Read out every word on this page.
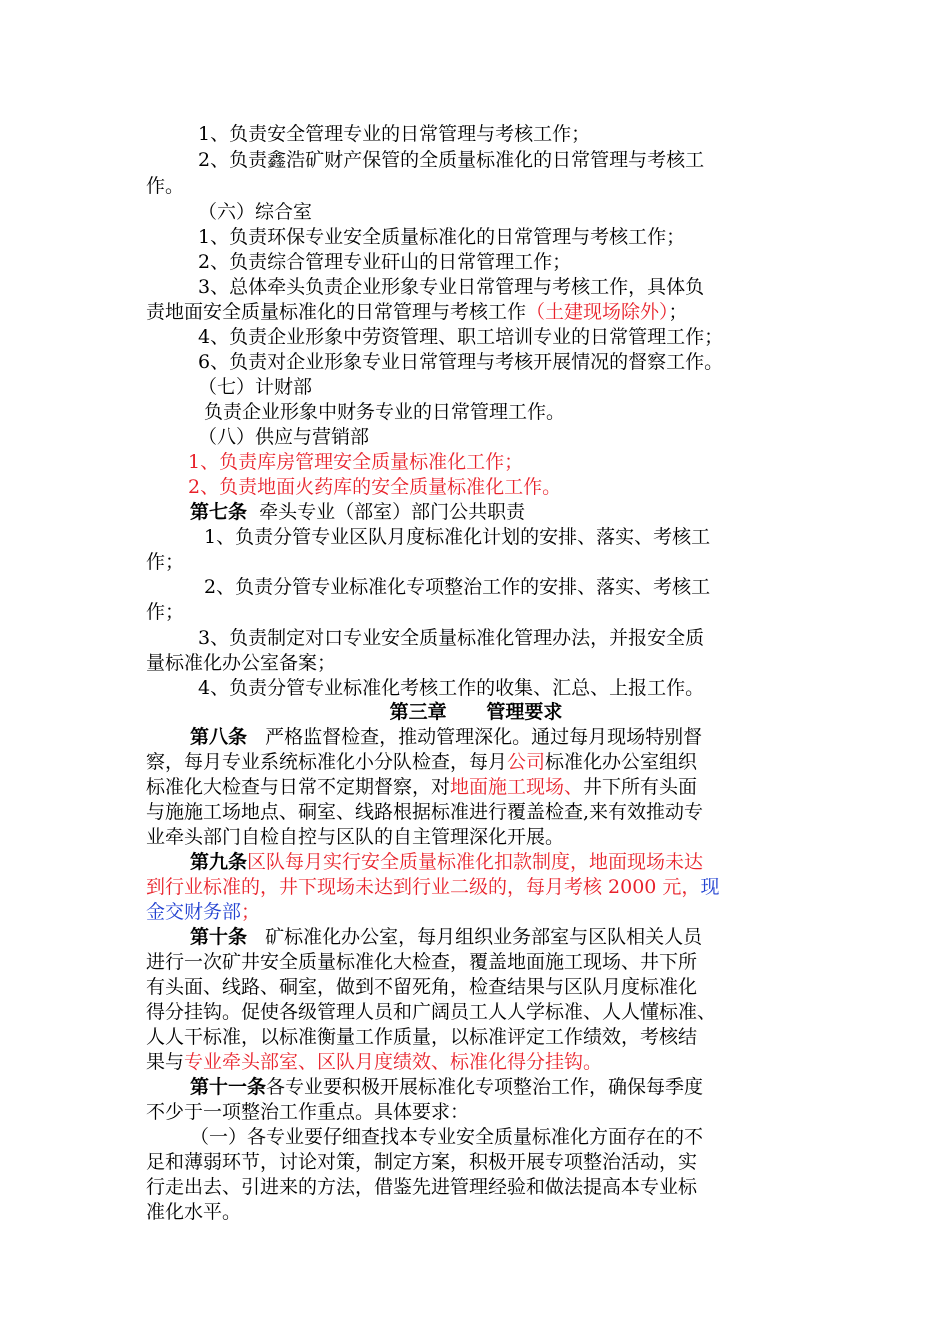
1、负责安全管理专业的日常管理与考核工作；
2、负责鑫浩矿财产保管的全质量标准化的日常管理与考核工
作。
（六）综合室
1、负责环保专业安全质量标准化的日常管理与考核工作；
2、负责综合管理专业矸山的日常管理工作；
3、总体牵头负责企业形象专业日常管理与考核工作，具体负
责地面安全质量标准化的日常管理与考核工作（土建现场除外）；
4、负责企业形象中劳资管理、职工培训专业的日常管理工作；
6、负责对企业形象专业日常管理与考核开展情况的督察工作。
（七）计财部
负责企业形象中财务专业的日常管理工作。
（八）供应与营销部
1、负责库房管理安全质量标准化工作；
2、负责地面火药库的安全质量标准化工作。
第七条 牵头专业（部室）部门公共职责
1、负责分管专业区队月度标准化计划的安排、落实、考核工
作；
2、负责分管专业标准化专项整治工作的安排、落实、考核工
作；
3、负责制定对口专业安全质量标准化管理办法，并报安全质
量标准化办公室备案；
4、负责分管专业标准化考核工作的收集、汇总、上报工作。
第三章      管理要求
第八条 严格监督检查，推动管理深化。通过每月现场特别督
察，每月专业系统标准化小分队检查，每月公司标准化办公室组织
标准化大检查与日常不定期督察，对地面施工现场、井下所有头面
与施施工场地点、硐室、线路根据标准进行覆盖检查,来有效推动专
业牵头部门自检自控与区队的自主管理深化开展。
第九条区队每月实行安全质量标准化扣款制度，地面现场未达
到行业标准的，井下现场未达到行业二级的，每月考核 2000 元，现
金交财务部；
第十条 矿标准化办公室，每月组织业务部室与区队相关人员
进行一次矿井安全质量标准化大检查，覆盖地面施工现场、井下所
有头面、线路、硐室，做到不留死角，检查结果与区队月度标准化
得分挂钩。促使各级管理人员和广阔员工人人学标准、人人懂标准、
人人干标准，以标准衡量工作质量，以标准评定工作绩效，考核结
果与专业牵头部室、区队月度绩效、标准化得分挂钩。
第十一条各专业要积极开展标准化专项整治工作，确保每季度
不少于一项整治工作重点。具体要求：
（一）各专业要仔细查找本专业安全质量标准化方面存在的不
足和薄弱环节，讨论对策，制定方案，积极开展专项整治活动，实
行走出去、引进来的方法，借鉴先进管理经验和做法提高本专业标
准化水平。
